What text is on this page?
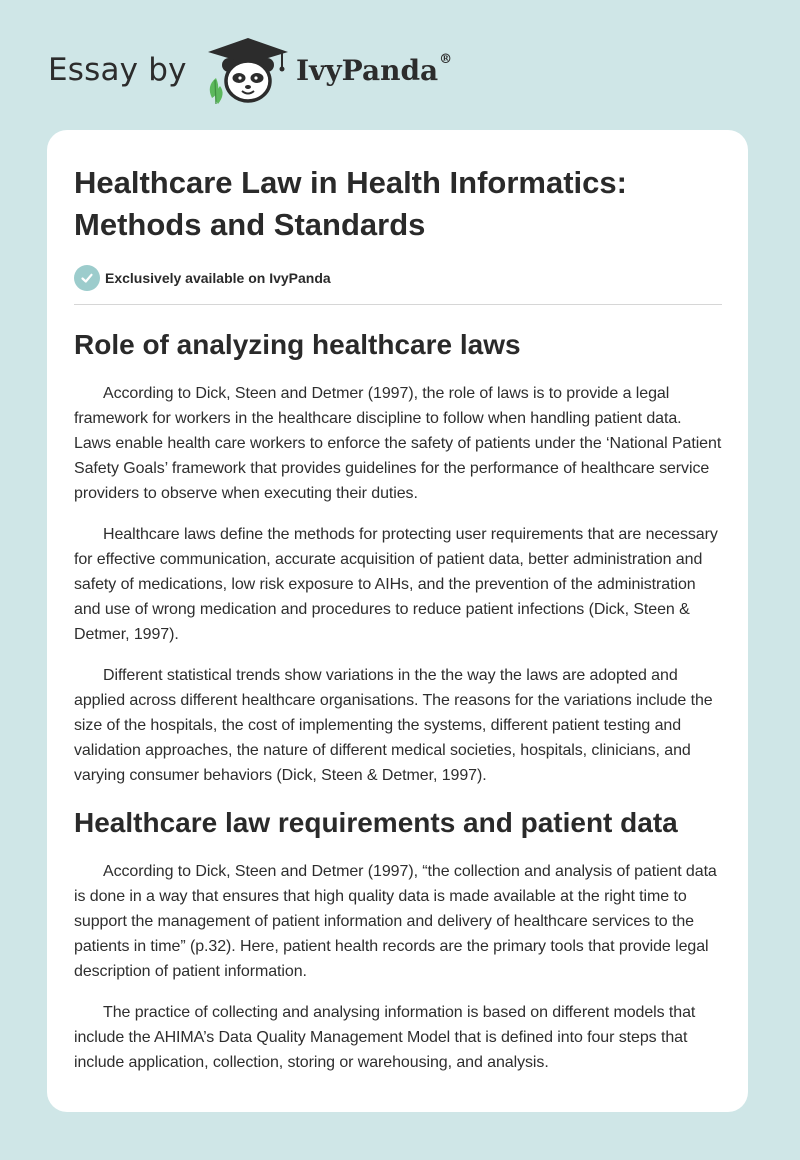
Essay by	IvyPanda®
Healthcare Law in Health Informatics:
Methods and Standards
Exclusively available on IvyPanda
Role of analyzing healthcare laws

According to Dick, Steen and Detmer (1997), the role of laws is to provide a legal framework for workers in the healthcare discipline to follow when handling patient data. Laws enable health care workers to enforce the safety of patients under the ‘National Patient Safety Goals’ framework that provides guidelines for the performance of healthcare service providers to observe when executing their duties.

Healthcare laws define the methods for protecting user requirements that are necessary for effective communication, accurate acquisition of patient data, better administration and safety of medications, low risk exposure to AIHs, and the prevention of the administration and use of wrong medication and procedures to reduce patient infections (Dick, Steen & Detmer, 1997).

Different statistical trends show variations in the the way the laws are adopted and applied across different healthcare organisations. The reasons for the variations include the size of the hospitals, the cost of implementing the systems, different patient testing and validation approaches, the nature of different medical societies, hospitals, clinicians, and varying consumer behaviors (Dick, Steen & Detmer, 1997).

Healthcare law requirements and patient data

According to Dick, Steen and Detmer (1997), “the collection and analysis of patient data is done in a way that ensures that high quality data is made available at the right time to support the management of patient information and delivery of healthcare services to the patients in time” (p.32). Here, patient health records are the primary tools that provide legal description of patient information.

The practice of collecting and analysing information is based on different models that include the AHIMA’s Data Quality Management Model that is defined into four steps that include application, collection, storing or warehousing, and analysis.
